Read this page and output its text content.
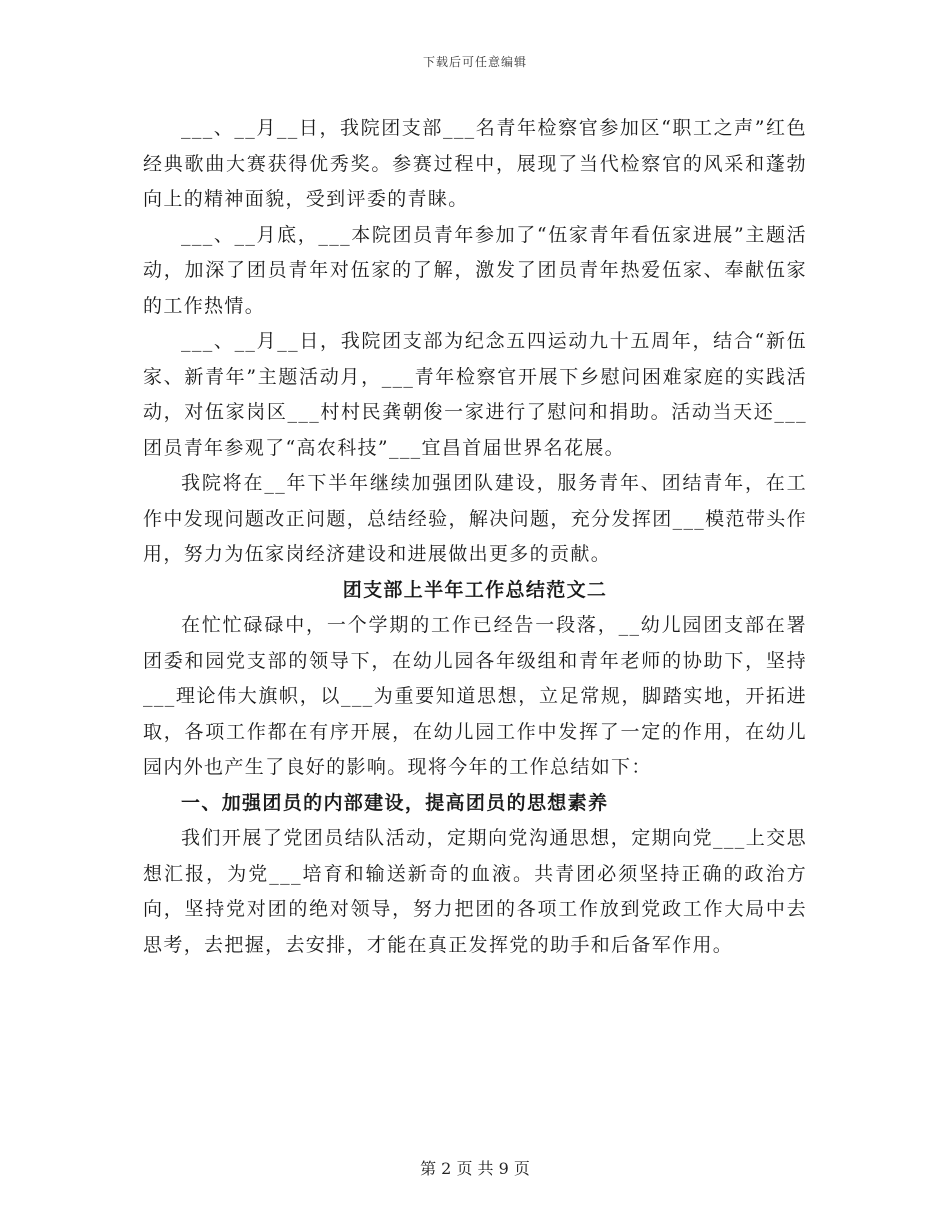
下载后可任意编辑

___、__月__日，我院团支部___名青年检察官参加区“职工之声”红色经典歌曲大赛获得优秀奖。参赛过程中，展现了当代检察官的风采和蓬勃向上的精神面貌，受到评委的青睐。

___、__月底，___本院团员青年参加了“伍家青年看伍家进展”主题活动，加深了团员青年对伍家的了解，激发了团员青年热爱伍家、奉献伍家的工作热情。

___、__月__日，我院团支部为纪念五四运动九十五周年，结合“新伍家、新青年”主题活动月，___青年检察官开展下乡慰问困难家庭的实践活动，对伍家岗区___村村民龚朝俊一家进行了慰问和捐助。活动当天还___团员青年参观了“高农科技”___宜昌首届世界名花展。

我院将在__年下半年继续加强团队建设，服务青年、团结青年，在工作中发现问题改正问题，总结经验，解决问题，充分发挥团___模范带头作用，努力为伍家岗经济建设和进展做出更多的贡献。

团支部上半年工作总结范文二

在忙忙碌碌中，一个学期的工作已经告一段落，__幼儿园团支部在署团委和园党支部的领导下，在幼儿园各年级组和青年老师的协助下，坚持___理论伟大旗帜，以___为重要知道思想，立足常规，脚踏实地，开拓进取，各项工作都在有序开展，在幼儿园工作中发挥了一定的作用，在幼儿园内外也产生了良好的影响。现将今年的工作总结如下：

一、加强团员的内部建设，提高团员的思想素养

我们开展了党团员结队活动，定期向党沟通思想，定期向党___上交思想汇报，为党___培育和输送新奇的血液。共青团必须坚持正确的政治方向，坚持党对团的绝对领导，努力把团的各项工作放到党政工作大局中去思考，去把握，去安排，才能在真正发挥党的助手和后备军作用。

第 2 页 共 9 页
